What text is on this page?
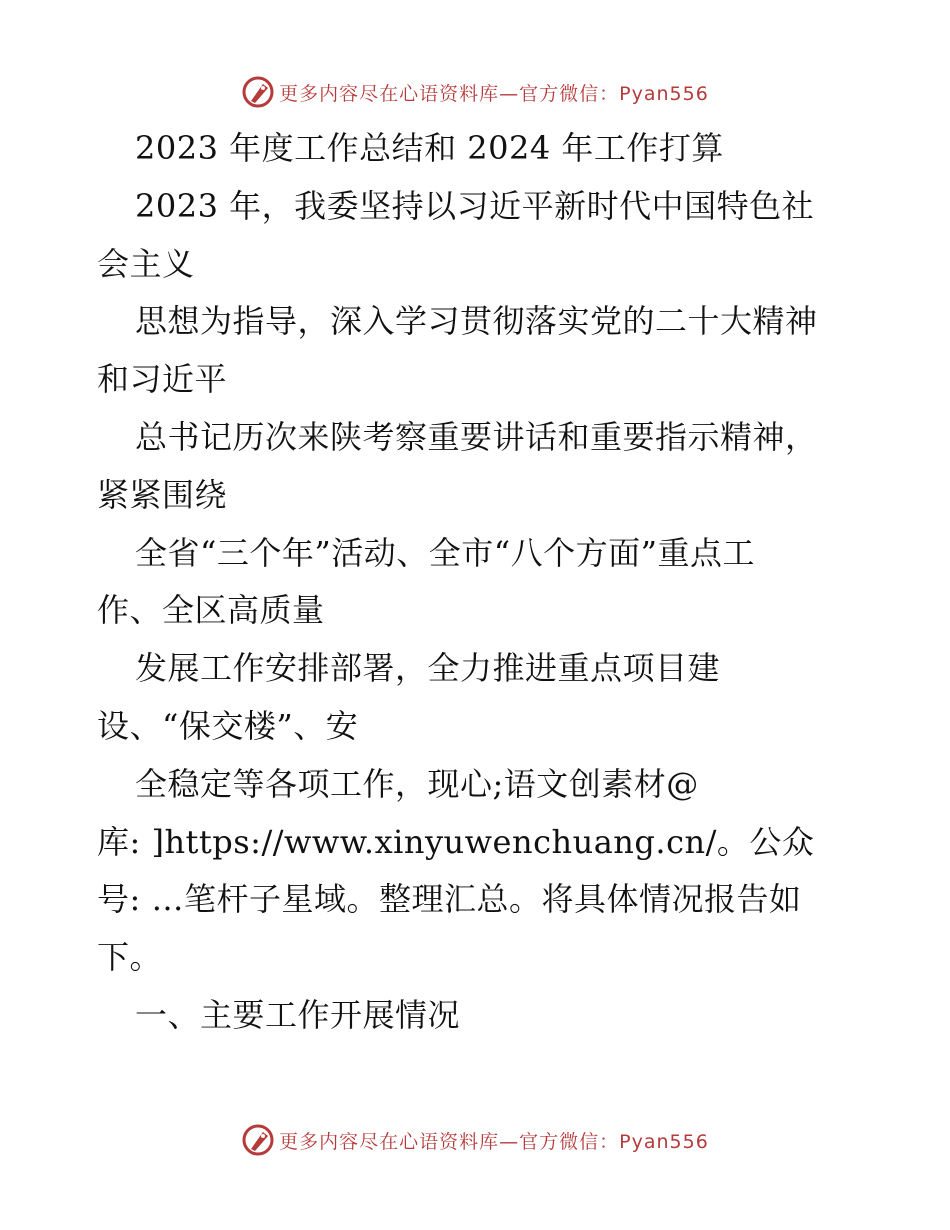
更多内容尽在心语资料库—官方微信：Pyan556
2023 年度工作总结和 2024 年工作打算
2023 年，我委坚持以习近平新时代中国特色社
会主义
思想为指导，深入学习贯彻落实党的二十大精神
和习近平
总书记历次来陕考察重要讲话和重要指示精神，
紧紧围绕
全省“三个年”活动、全市“八个方面”重点工
作、全区高质量
发展工作安排部署，全力推进重点项目建
设、“保交楼”、安
全稳定等各项工作，现心;语文创素材@
库: ]https://www.xinyuwenchuang.cn/。公众
号: …笔杆子星域。整理汇总。将具体情况报告如
下。
一、主要工作开展情况
更多内容尽在心语资料库—官方微信：Pyan556
